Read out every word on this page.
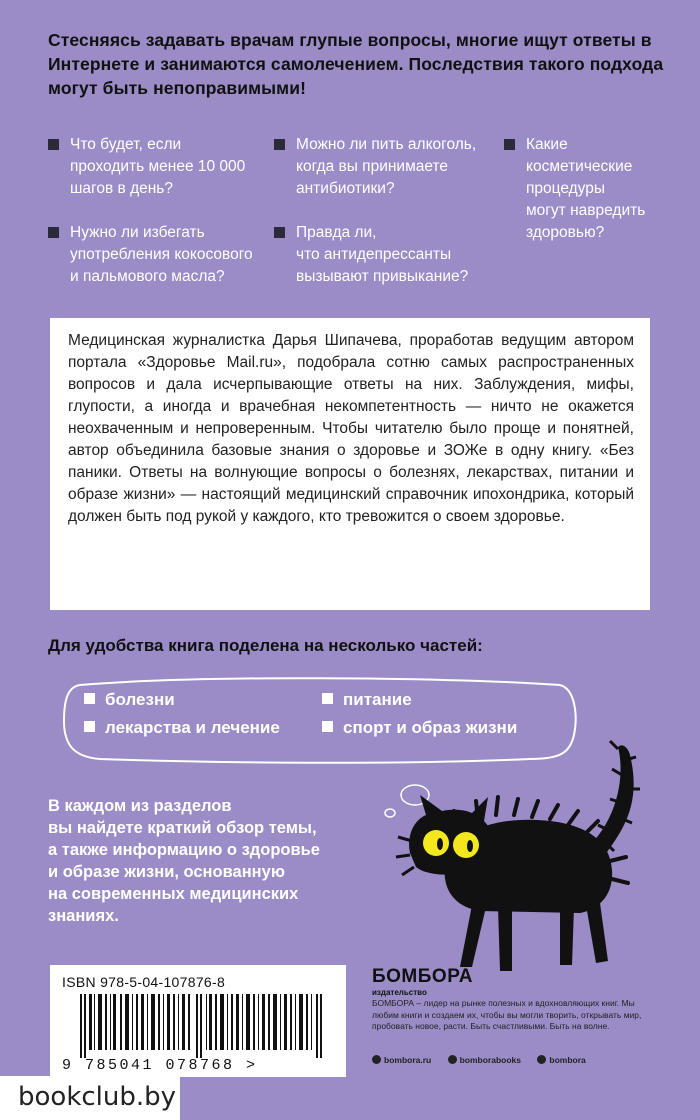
Стесняясь задавать врачам глупые вопросы, многие ищут ответы в Интернете и занимаются самолечением. Последствия такого подхода могут быть непоправимыми!
Что будет, если
проходить менее 10 000
шагов в день?
Можно ли пить алкоголь,
когда вы принимаете
антибиотики?
Какие
косметические
процедуры
могут навредить
здоровью?
Нужно ли избегать
употребления кокосового
и пальмового масла?
Правда ли,
что антидепрессанты
вызывают привыкание?
Медицинская журналистка Дарья Шипачева, проработав ведущим автором портала «Здоровье Mail.ru», подобрала сотню самых распространенных вопросов и дала исчерпывающие ответы на них. Заблуждения, мифы, глупости, а иногда и врачебная некомпетентность — ничто не окажется неохваченным и непроверенным. Чтобы читателю было проще и понятней, автор объединила базовые знания о здоровье и ЗОЖе в одну книгу. «Без паники. Ответы на волнующие вопросы о болезнях, лекарствах, питании и образе жизни» — настоящий медицинский справочник ипохондрика, который должен быть под рукой у каждого, кто тревожится о своем здоровье.
Для удобства книга поделена на несколько частей:
болезни	питание
лекарства и лечение	спорт и образ жизни
В каждом из разделов
вы найдете краткий обзор темы,
а также информацию о здоровье
и образе жизни, основанную
на современных медицинских
знаниях.
ISBN 978-5-04-107876-8
9 785041 078768 >
БОМБОРА
издательство
БОМБОРА – лидер на рынке полезных и вдохновляющих книг. Мы любим книги и создаем их, чтобы вы могли творить, открывать мир, пробовать новое, расти. Быть счастливыми. Быть на волне.
bombora.ru	bomborabooks	bombora
bookclub.by
